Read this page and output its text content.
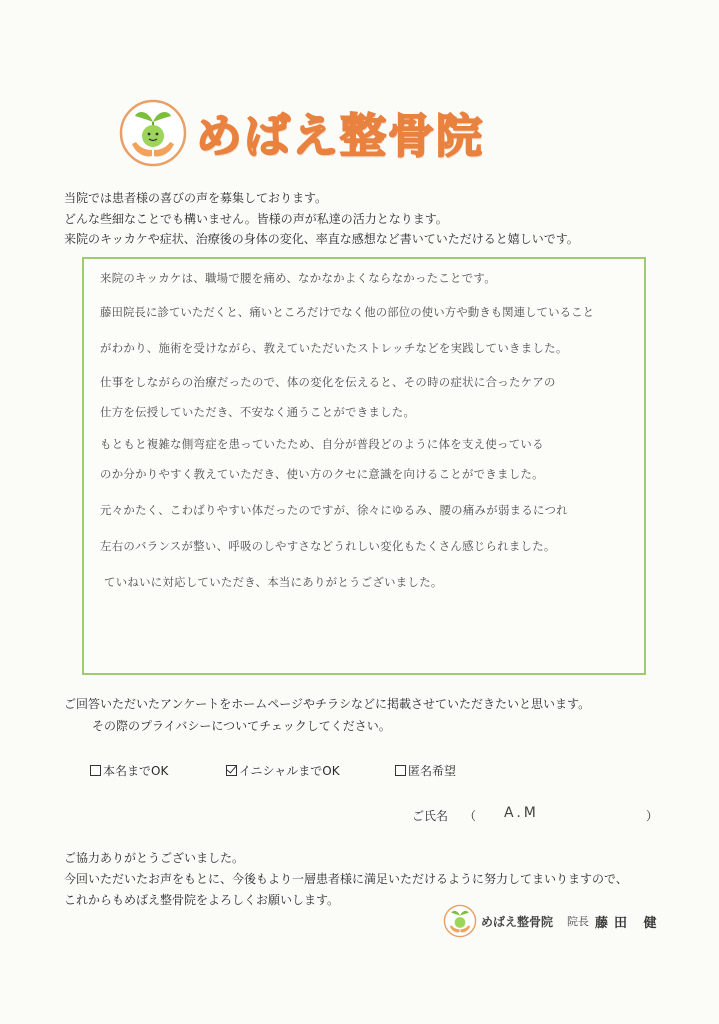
めばえ整骨院
当院では患者様の喜びの声を募集しております。
どんな些細なことでも構いません。皆様の声が私達の活力となります。
来院のキッカケや症状、治療後の身体の変化、率直な感想など書いていただけると嬉しいです。
来院のキッカケは、職場で腰を痛め、なかなかよくならなかったことです。
藤田院長に診ていただくと、痛いところだけでなく他の部位の使い方や動きも関連していること
がわかり、施術を受けながら、教えていただいたストレッチなどを実践していきました。
仕事をしながらの治療だったので、体の変化を伝えると、その時の症状に合ったケアの
仕方を伝授していただき、不安なく通うことができました。
もともと複雑な側弯症を患っていたため、自分が普段どのように体を支え使っている
のか分かりやすく教えていただき、使い方のクセに意識を向けることができました。
元々かたく、こわばりやすい体だったのですが、徐々にゆるみ、腰の痛みが弱まるにつれ
左右のバランスが整い、呼吸のしやすさなどうれしい変化もたくさん感じられました。
ていねいに対応していただき、本当にありがとうございました。
ご回答いただいたアンケートをホームページやチラシなどに掲載させていただきたいと思います。
その際のプライバシーについてチェックしてください。
本名までOK	イニシャルまでOK	匿名希望
ご氏名 （ A.M	）
ご協力ありがとうございました。
今回いただいたお声をもとに、今後もより一層患者様に満足いただけるように努力してまいりますので、
これからもめばえ整骨院をよろしくお願いします。
めばえ整骨院 院長 藤田 健
